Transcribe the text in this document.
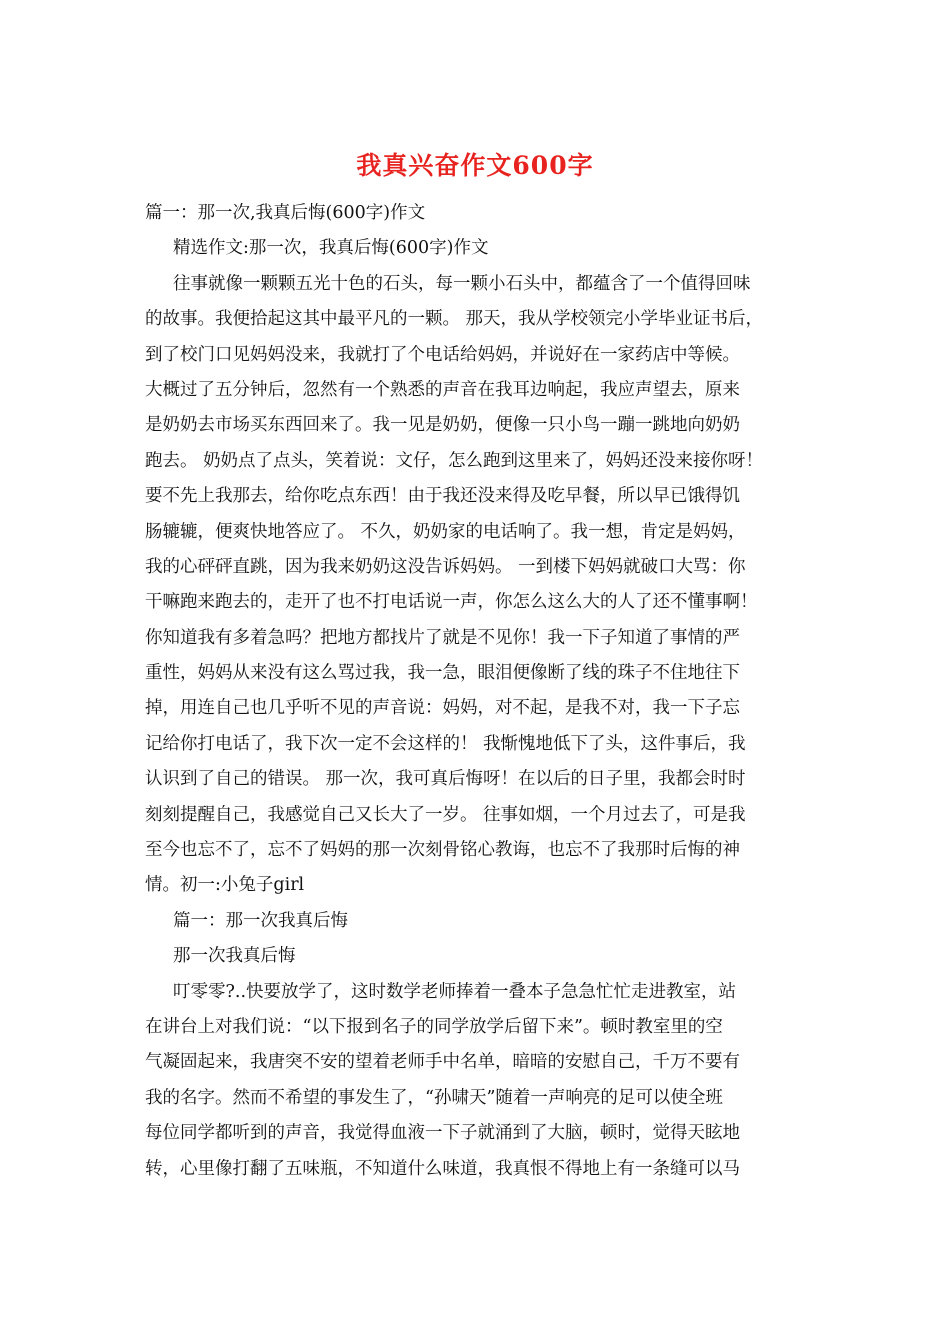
我真兴奋作文600字
篇一：那一次,我真后悔(600字)作文
精选作文:那一次，我真后悔(600字)作文
往事就像一颗颗五光十色的石头，每一颗小石头中，都蕴含了一个值得回味
的故事。我便拾起这其中最平凡的一颗。 那天，我从学校领完小学毕业证书后，
到了校门口见妈妈没来，我就打了个电话给妈妈，并说好在一家药店中等候。
大概过了五分钟后，忽然有一个熟悉的声音在我耳边响起，我应声望去，原来
是奶奶去市场买东西回来了。我一见是奶奶，便像一只小鸟一蹦一跳地向奶奶
跑去。 奶奶点了点头，笑着说：文仔，怎么跑到这里来了，妈妈还没来接你呀！
要不先上我那去，给你吃点东西！由于我还没来得及吃早餐，所以早已饿得饥
肠辘辘，便爽快地答应了。 不久，奶奶家的电话响了。我一想，肯定是妈妈，
我的心砰砰直跳，因为我来奶奶这没告诉妈妈。 一到楼下妈妈就破口大骂：你
干嘛跑来跑去的，走开了也不打电话说一声，你怎么这么大的人了还不懂事啊！
你知道我有多着急吗？把地方都找片了就是不见你！我一下子知道了事情的严
重性，妈妈从来没有这么骂过我，我一急，眼泪便像断了线的珠子不住地往下
掉，用连自己也几乎听不见的声音说：妈妈，对不起，是我不对，我一下子忘
记给你打电话了，我下次一定不会这样的！ 我惭愧地低下了头，这件事后，我
认识到了自己的错误。 那一次，我可真后悔呀！在以后的日子里，我都会时时
刻刻提醒自己，我感觉自己又长大了一岁。 往事如烟，一个月过去了，可是我
至今也忘不了，忘不了妈妈的那一次刻骨铭心教诲，也忘不了我那时后悔的神
情。初一:小兔子girl
篇一：那一次我真后悔
那一次我真后悔
叮零零?..快要放学了，这时数学老师捧着一叠本子急急忙忙走进教室，站
在讲台上对我们说：“以下报到名子的同学放学后留下来”。顿时教室里的空
气凝固起来，我唐突不安的望着老师手中名单，暗暗的安慰自己，千万不要有
我的名字。然而不希望的事发生了，“孙啸天”随着一声响亮的足可以使全班
每位同学都听到的声音，我觉得血液一下子就涌到了大脑，顿时，觉得天眩地
转，心里像打翻了五味瓶，不知道什么味道，我真恨不得地上有一条缝可以马
